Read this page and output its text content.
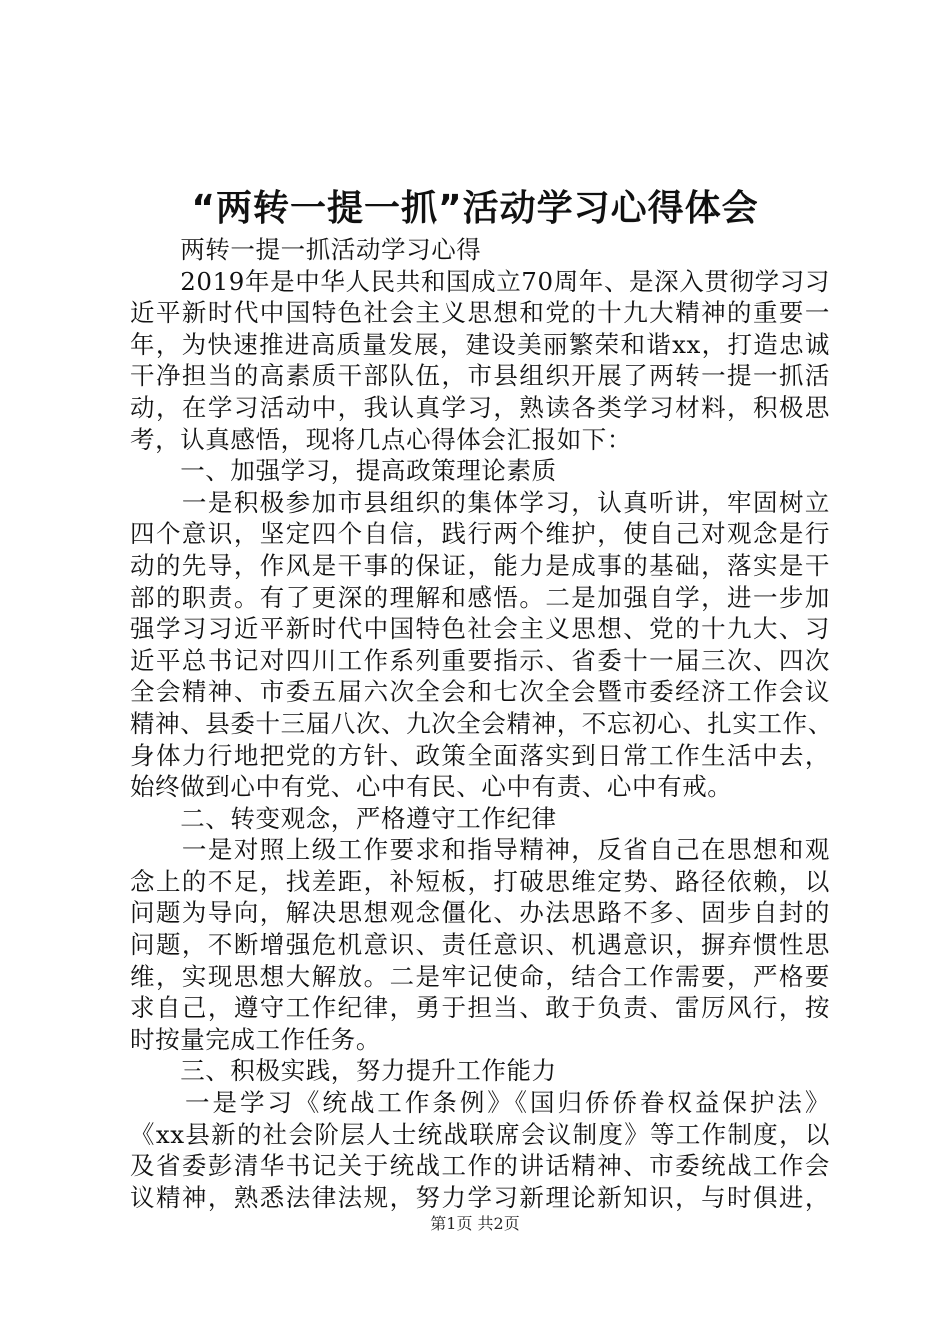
“两转一提一抓”活动学习心得体会
　　两转一提一抓活动学习心得
　　2019年是中华人民共和国成立70周年、是深入贯彻学习习
近平新时代中国特色社会主义思想和党的十九大精神的重要一
年，为快速推进高质量发展，建设美丽繁荣和谐xx，打造忠诚
干净担当的高素质干部队伍，市县组织开展了两转一提一抓活
动，在学习活动中，我认真学习，熟读各类学习材料，积极思
考，认真感悟，现将几点心得体会汇报如下：
　　一、加强学习，提高政策理论素质
　　一是积极参加市县组织的集体学习，认真听讲，牢固树立
四个意识，坚定四个自信，践行两个维护，使自己对观念是行
动的先导，作风是干事的保证，能力是成事的基础，落实是干
部的职责。有了更深的理解和感悟。二是加强自学，进一步加
强学习习近平新时代中国特色社会主义思想、党的十九大、习
近平总书记对四川工作系列重要指示、省委十一届三次、四次
全会精神、市委五届六次全会和七次全会暨市委经济工作会议
精神、县委十三届八次、九次全会精神，不忘初心、扎实工作、
身体力行地把党的方针、政策全面落实到日常工作生活中去，
始终做到心中有党、心中有民、心中有责、心中有戒。
　　二、转变观念，严格遵守工作纪律
　　一是对照上级工作要求和指导精神，反省自己在思想和观
念上的不足，找差距，补短板，打破思维定势、路径依赖，以
问题为导向，解决思想观念僵化、办法思路不多、固步自封的
问题，不断增强危机意识、责任意识、机遇意识，摒弃惯性思
维，实现思想大解放。二是牢记使命，结合工作需要，严格要
求自己，遵守工作纪律，勇于担当、敢于负责、雷厉风行，按
时按量完成工作任务。
　　三、积极实践，努力提升工作能力
　　一是学习《统战工作条例》《国归侨侨眷权益保护法》
《xx县新的社会阶层人士统战联席会议制度》等工作制度，以
及省委彭清华书记关于统战工作的讲话精神、市委统战工作会
议精神，熟悉法律法规，努力学习新理论新知识，与时俱进，
第1页 共2页
